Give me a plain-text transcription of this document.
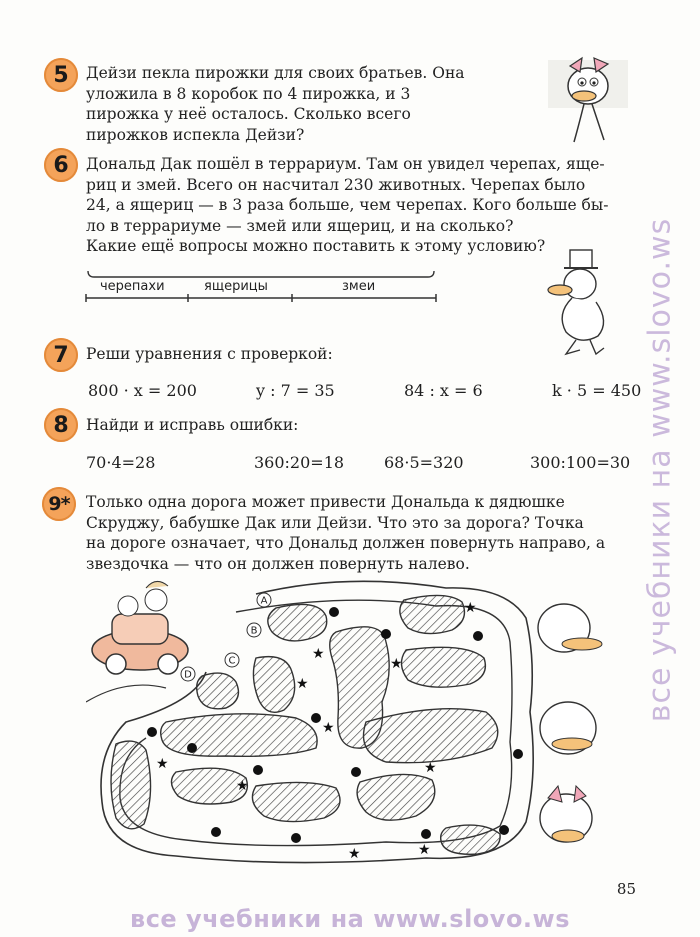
5	Дейзи пекла пирожки для своих братьев. Она
уложила в 8 коробок по 4 пирожка, и 3
пирожка у неё осталось. Сколько всего
пирожков испекла Дейзи?
6	Дональд Дак пошёл в террариум. Там он увидел черепах, яще-
риц и змей. Всего он насчитал 230 животных. Черепах было
24, а ящериц — в 3 раза больше, чем черепах. Кого больше бы-
ло в террариуме — змей или ящериц, и на сколько?
Какие ещё вопросы можно поставить к этому условию?
черепахи	ящерицы	змеи
7	Реши уравнения с проверкой:
800 · x = 200	y : 7 = 35	84 : x = 6	k · 5 = 450
8	Найди и исправь ошибки:
70·4=28	360:20=18 68·5=320	300:100=30
9*	Только одна дорога может привести Дональда к дядюшке
Скруджу, бабушке Дак или Дейзи. Что это за дорога? Точка
на дороге означает, что Дональд должен повернуть направо, а
звездочка — что он должен повернуть налево.
★
★
★
★
★
★
★
★	★
★
A
B
C
D
85
все учебники на www.slovo.ws
все учебники на www.slovo.ws
